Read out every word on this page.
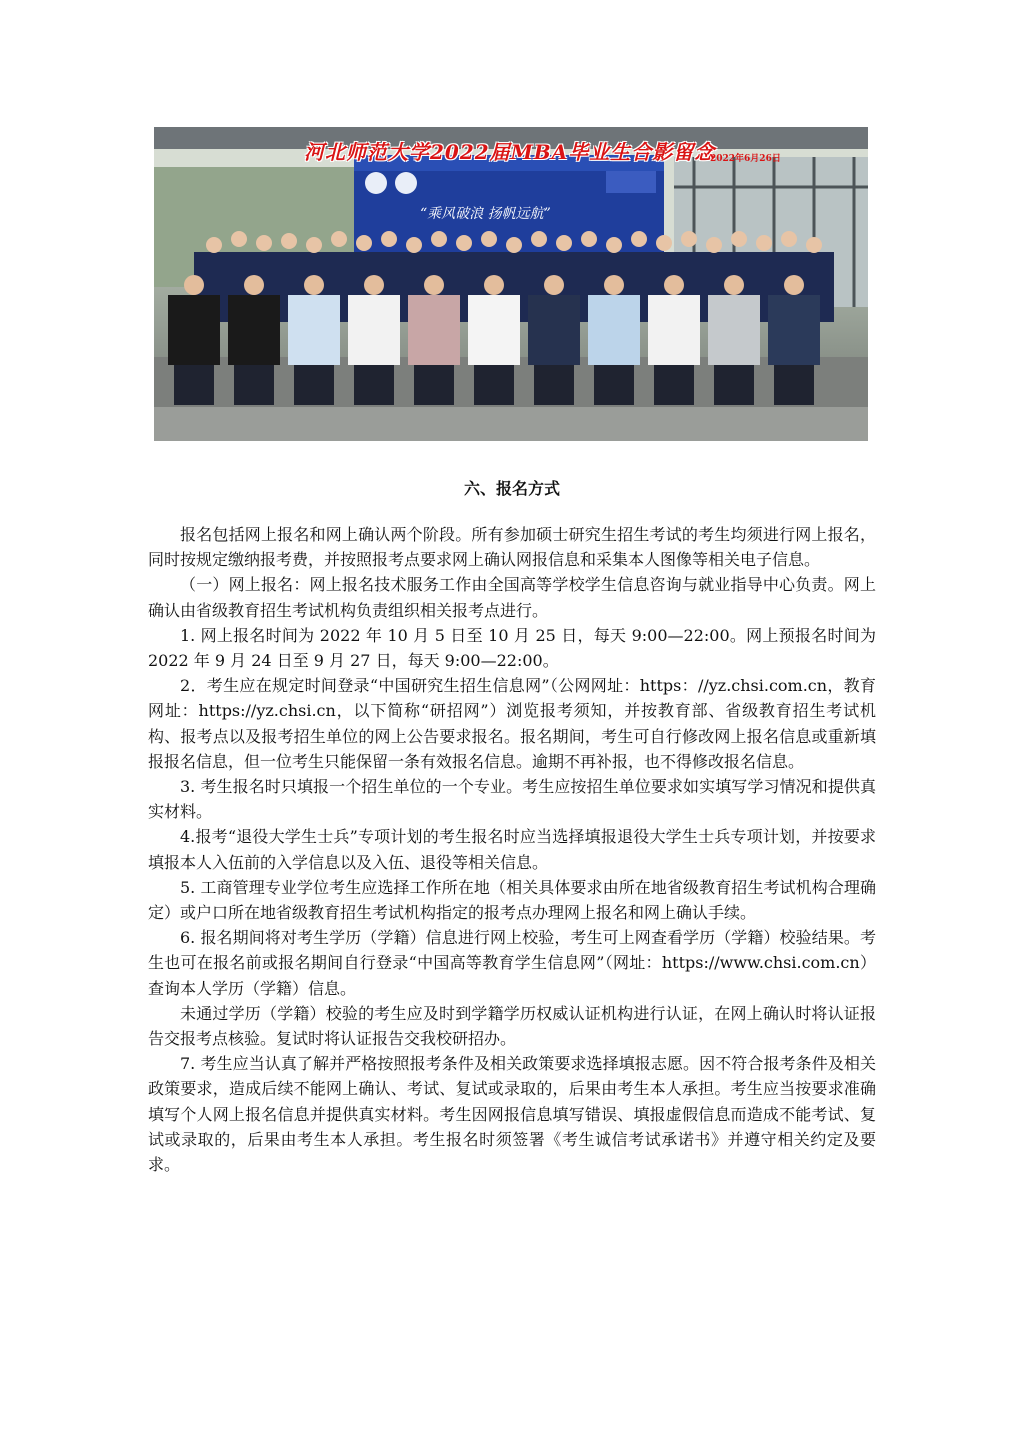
河北师范大学2022届MBA毕业生合影留念
2022年6月26日
“乘风破浪 扬帆远航”
六、报名方式

报名包括网上报名和网上确认两个阶段。所有参加硕士研究生招生考试的考生均须进行网上报名，同时按规定缴纳报考费，并按照报考点要求网上确认网报信息和采集本人图像等相关电子信息。

（一）网上报名：网上报名技术服务工作由全国高等学校学生信息咨询与就业指导中心负责。网上确认由省级教育招生考试机构负责组织相关报考点进行。

1. 网上报名时间为 2022 年 10 月 5 日至 10 月 25 日，每天 9:00—22:00。网上预报名时间为 2022 年 9 月 24 日至 9 月 27 日，每天 9:00—22:00。

2．考生应在规定时间登录“中国研究生招生信息网”（公网网址：https：//yz.chsi.com.cn，教育网址：https://yz.chsi.cn，以下简称“研招网”）浏览报考须知，并按教育部、省级教育招生考试机构、报考点以及报考招生单位的网上公告要求报名。报名期间，考生可自行修改网上报名信息或重新填报报名信息，但一位考生只能保留一条有效报名信息。逾期不再补报，也不得修改报名信息。

3. 考生报名时只填报一个招生单位的一个专业。考生应按招生单位要求如实填写学习情况和提供真实材料。

4.报考“退役大学生士兵”专项计划的考生报名时应当选择填报退役大学生士兵专项计划，并按要求填报本人入伍前的入学信息以及入伍、退役等相关信息。

5. 工商管理专业学位考生应选择工作所在地（相关具体要求由所在地省级教育招生考试机构合理确定）或户口所在地省级教育招生考试机构指定的报考点办理网上报名和网上确认手续。

6. 报名期间将对考生学历（学籍）信息进行网上校验，考生可上网查看学历（学籍）校验结果。考生也可在报名前或报名期间自行登录“中国高等教育学生信息网”（网址：https://www.chsi.com.cn）查询本人学历（学籍）信息。

未通过学历（学籍）校验的考生应及时到学籍学历权威认证机构进行认证，在网上确认时将认证报告交报考点核验。复试时将认证报告交我校研招办。

7. 考生应当认真了解并严格按照报考条件及相关政策要求选择填报志愿。因不符合报考条件及相关政策要求，造成后续不能网上确认、考试、复试或录取的，后果由考生本人承担。考生应当按要求准确填写个人网上报名信息并提供真实材料。考生因网报信息填写错误、填报虚假信息而造成不能考试、复试或录取的，后果由考生本人承担。考生报名时须签署《考生诚信考试承诺书》并遵守相关约定及要求。
